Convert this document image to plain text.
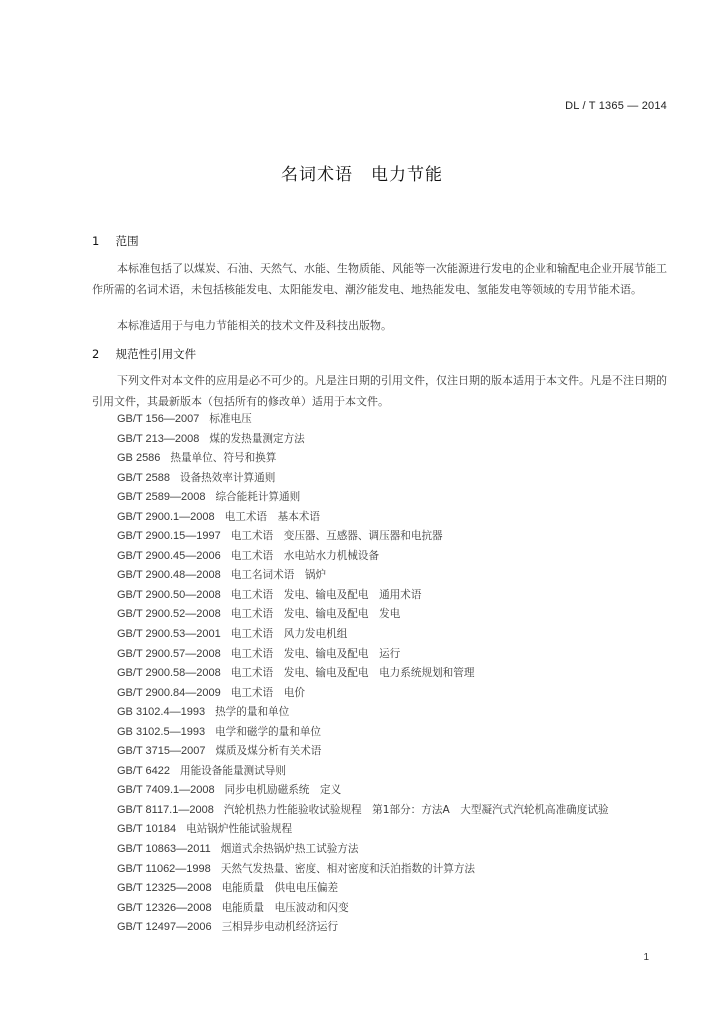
DL / T 1365 — 2014
名词术语　电力节能
1 范围
本标准包括了以煤炭、石油、天然气、水能、生物质能、风能等一次能源进行发电的企业和输配电企业开展节能工作所需的名词术语，未包括核能发电、太阳能发电、潮汐能发电、地热能发电、氢能发电等领域的专用节能术语。
本标准适用于与电力节能相关的技术文件及科技出版物。
2 规范性引用文件
下列文件对本文件的应用是必不可少的。凡是注日期的引用文件，仅注日期的版本适用于本文件。凡是不注日期的引用文件，其最新版本（包括所有的修改单）适用于本文件。
GB/T 156—2007 标准电压
GB/T 213—2008 煤的发热量测定方法
GB 2586 热量单位、符号和换算
GB/T 2588 设备热效率计算通则
GB/T 2589—2008 综合能耗计算通则
GB/T 2900.1—2008 电工术语　基本术语
GB/T 2900.15—1997 电工术语　变压器、互感器、调压器和电抗器
GB/T 2900.45—2006 电工术语　水电站水力机械设备
GB/T 2900.48—2008 电工名词术语　锅炉
GB/T 2900.50—2008 电工术语　发电、输电及配电　通用术语
GB/T 2900.52—2008 电工术语　发电、输电及配电　发电
GB/T 2900.53—2001 电工术语　风力发电机组
GB/T 2900.57—2008 电工术语　发电、输电及配电　运行
GB/T 2900.58—2008 电工术语　发电、输电及配电　电力系统规划和管理
GB/T 2900.84—2009 电工术语　电价
GB 3102.4—1993 热学的量和单位
GB 3102.5—1993 电学和磁学的量和单位
GB/T 3715—2007 煤质及煤分析有关术语
GB/T 6422 用能设备能量测试导则
GB/T 7409.1—2008 同步电机励磁系统　定义
GB/T 8117.1—2008 汽轮机热力性能验收试验规程　第1部分：方法A　大型凝汽式汽轮机高准确度试验
GB/T 10184 电站锅炉性能试验规程
GB/T 10863—2011 烟道式余热锅炉热工试验方法
GB/T 11062—1998 天然气发热量、密度、相对密度和沃泊指数的计算方法
GB/T 12325—2008 电能质量　供电电压偏差
GB/T 12326—2008 电能质量　电压波动和闪变
GB/T 12497—2006 三相异步电动机经济运行
1
